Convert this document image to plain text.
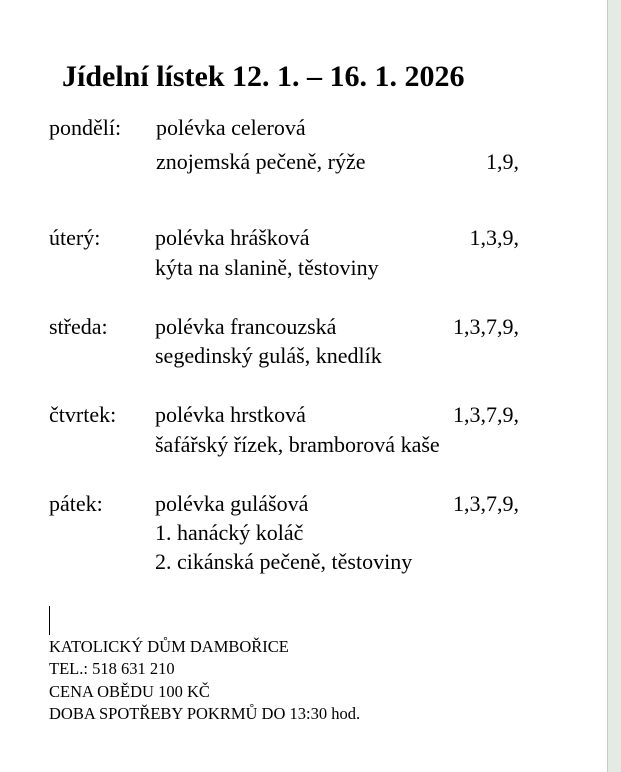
Jídelní lístek 12. 1. – 16. 1. 2026
pondělí: polévka celerová
znojemská pečeně, rýže	1,9,
úterý: polévka hrášková	1,3,9,
kýta na slanině, těstoviny
středa: polévka francouzská	1,3,7,9,
segedinský guláš, knedlík
čtvrtek: polévka hrstková	1,3,7,9,
šafářský řízek, bramborová kaše
pátek: polévka gulášová	1,3,7,9,
1. hanácký koláč
2. cikánská pečeně, těstoviny
KATOLICKÝ DŮM DAMBOŘICE
TEL.: 518 631 210
CENA OBĚDU 100 KČ
DOBA SPOTŘEBY POKRMŮ DO 13:30 hod.
